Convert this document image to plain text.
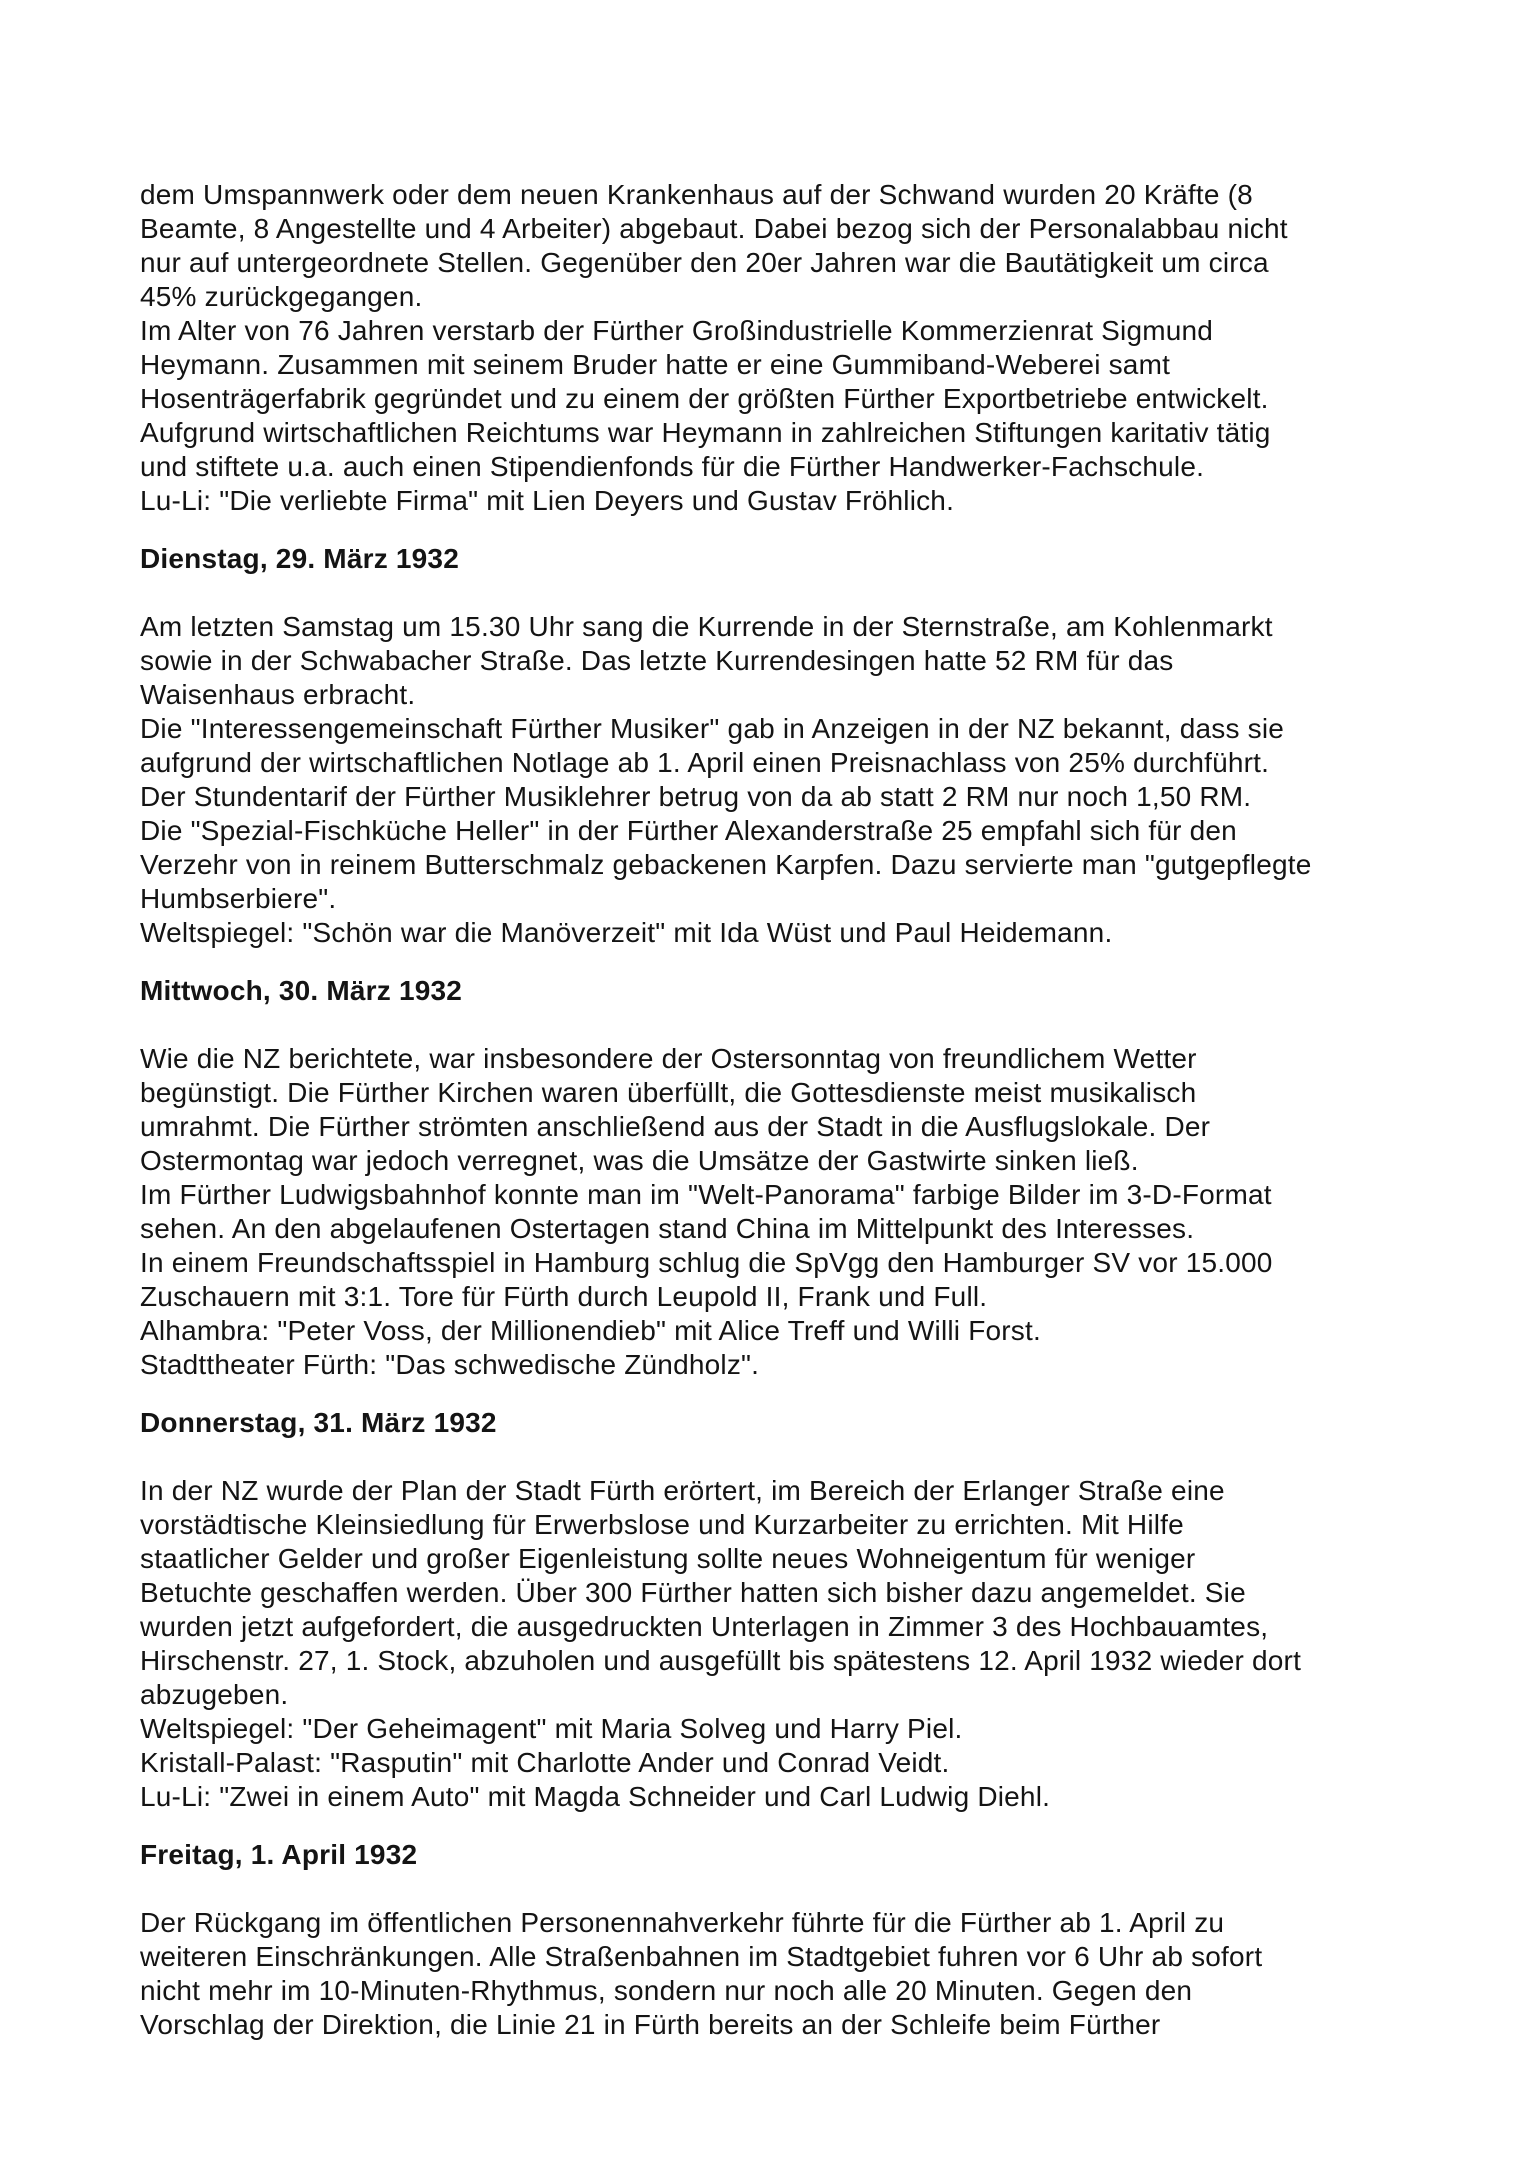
dem Umspannwerk oder dem neuen Krankenhaus auf der Schwand wurden 20 Kräfte (8
Beamte, 8 Angestellte und 4 Arbeiter) abgebaut. Dabei bezog sich der Personalabbau nicht
nur auf untergeordnete Stellen. Gegenüber den 20er Jahren war die Bautätigkeit um circa
45% zurückgegangen.
Im Alter von 76 Jahren verstarb der Fürther Großindustrielle Kommerzienrat Sigmund
Heymann. Zusammen mit seinem Bruder hatte er eine Gummiband-Weberei samt
Hosenträgerfabrik gegründet und zu einem der größten Fürther Exportbetriebe entwickelt.
Aufgrund wirtschaftlichen Reichtums war Heymann in zahlreichen Stiftungen karitativ tätig
und stiftete u.a. auch einen Stipendienfonds für die Fürther Handwerker-Fachschule.
Lu-Li: "Die verliebte Firma" mit Lien Deyers und Gustav Fröhlich.
Dienstag, 29. März 1932
Am letzten Samstag um 15.30 Uhr sang die Kurrende in der Sternstraße, am Kohlenmarkt
sowie in der Schwabacher Straße. Das letzte Kurrendesingen hatte 52 RM für das
Waisenhaus erbracht.
Die "Interessengemeinschaft Fürther Musiker" gab in Anzeigen in der NZ bekannt, dass sie
aufgrund der wirtschaftlichen Notlage ab 1. April einen Preisnachlass von 25% durchführt.
Der Stundentarif der Fürther Musiklehrer betrug von da ab statt 2 RM nur noch 1,50 RM.
Die "Spezial-Fischküche Heller" in der Fürther Alexanderstraße 25 empfahl sich für den
Verzehr von in reinem Butterschmalz gebackenen Karpfen. Dazu servierte man "gutgepflegte
Humbserbiere".
Weltspiegel: "Schön war die Manöverzeit" mit Ida Wüst und Paul Heidemann.
Mittwoch, 30. März 1932
Wie die NZ berichtete, war insbesondere der Ostersonntag von freundlichem Wetter
begünstigt. Die Fürther Kirchen waren überfüllt, die Gottesdienste meist musikalisch
umrahmt. Die Fürther strömten anschließend aus der Stadt in die Ausflugslokale. Der
Ostermontag war jedoch verregnet, was die Umsätze der Gastwirte sinken ließ.
Im Fürther Ludwigsbahnhof konnte man im "Welt-Panorama" farbige Bilder im 3-D-Format
sehen. An den abgelaufenen Ostertagen stand China im Mittelpunkt des Interesses.
In einem Freundschaftsspiel in Hamburg schlug die SpVgg den Hamburger SV vor 15.000
Zuschauern mit 3:1. Tore für Fürth durch Leupold II, Frank und Full.
Alhambra: "Peter Voss, der Millionendieb" mit Alice Treff und Willi Forst.
Stadttheater Fürth: "Das schwedische Zündholz".
Donnerstag, 31. März 1932
In der NZ wurde der Plan der Stadt Fürth erörtert, im Bereich der Erlanger Straße eine
vorstädtische Kleinsiedlung für Erwerbslose und Kurzarbeiter zu errichten. Mit Hilfe
staatlicher Gelder und großer Eigenleistung sollte neues Wohneigentum für weniger
Betuchte geschaffen werden. Über 300 Fürther hatten sich bisher dazu angemeldet. Sie
wurden jetzt aufgefordert, die ausgedruckten Unterlagen in Zimmer 3 des Hochbauamtes,
Hirschenstr. 27, 1. Stock, abzuholen und ausgefüllt bis spätestens 12. April 1932 wieder dort
abzugeben.
Weltspiegel: "Der Geheimagent" mit Maria Solveg und Harry Piel.
Kristall-Palast: "Rasputin" mit Charlotte Ander und Conrad Veidt.
Lu-Li: "Zwei in einem Auto" mit Magda Schneider und Carl Ludwig Diehl.
Freitag, 1. April 1932
Der Rückgang im öffentlichen Personennahverkehr führte für die Fürther ab 1. April zu
weiteren Einschränkungen. Alle Straßenbahnen im Stadtgebiet fuhren vor 6 Uhr ab sofort
nicht mehr im 10-Minuten-Rhythmus, sondern nur noch alle 20 Minuten. Gegen den
Vorschlag der Direktion, die Linie 21 in Fürth bereits an der Schleife beim Fürther
